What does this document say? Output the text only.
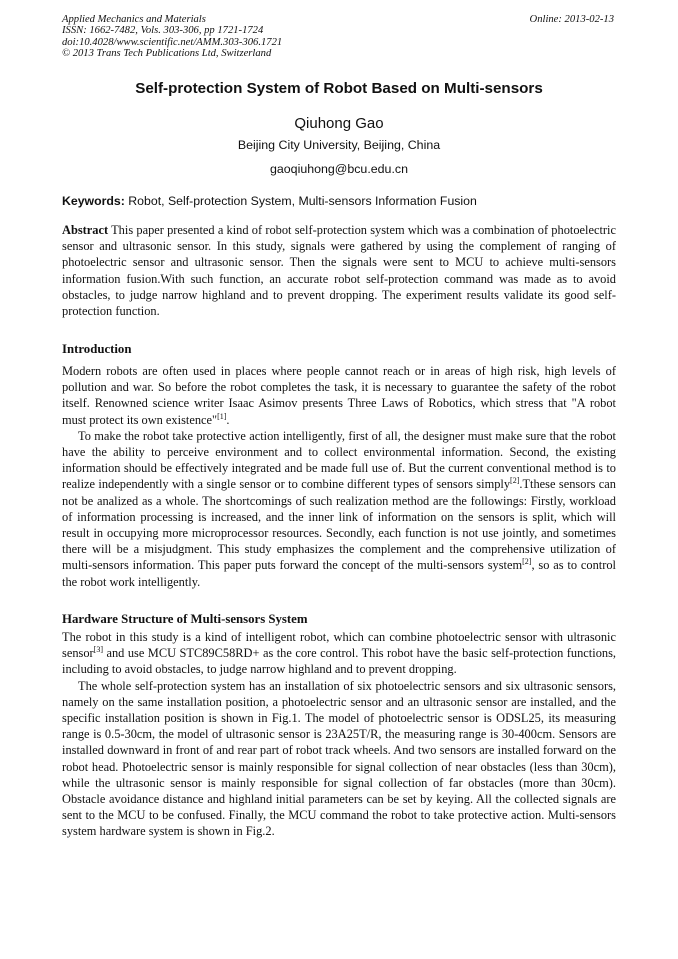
Applied Mechanics and Materials
ISSN: 1662-7482, Vols. 303-306, pp 1721-1724
doi:10.4028/www.scientific.net/AMM.303-306.1721
© 2013 Trans Tech Publications Ltd, Switzerland
Online: 2013-02-13
Self-protection System of Robot Based on Multi-sensors
Qiuhong Gao
Beijing City University, Beijing, China
gaoqiuhong@bcu.edu.cn
Keywords: Robot, Self-protection System, Multi-sensors Information Fusion

Abstract This paper presented a kind of robot self-protection system which was a combination of photoelectric sensor and ultrasonic sensor. In this study, signals were gathered by using the complement of ranging of photoelectric sensor and ultrasonic sensor. Then the signals were sent to MCU to achieve multi-sensors information fusion.With such function, an accurate robot self-protection command was made as to avoid obstacles, to judge narrow highland and to prevent dropping. The experiment results validate its good self-protection function.

Introduction

Modern robots are often used in places where people cannot reach or in areas of high risk, high levels of pollution and war. So before the robot completes the task, it is necessary to guarantee the safety of the robot itself. Renowned science writer Isaac Asimov presents Three Laws of Robotics, which stress that "A robot must protect its own existence"[1].

To make the robot take protective action intelligently, first of all, the designer must make sure that the robot have the ability to perceive environment and to collect environmental information. Second, the existing information should be effectively integrated and be made full use of. But the current conventional method is to realize independently with a single sensor or to combine different types of sensors simply[2].Tthese sensors can not be analized as a whole. The shortcomings of such realization method are the followings: Firstly, workload of information processing is increased, and the inner link of information on the sensors is split, which will result in occupying more microprocessor resources. Secondly, each function is not use jointly, and sometimes there will be a misjudgment. This study emphasizes the complement and the comprehensive utilization of multi-sensors information. This paper puts forward the concept of the multi-sensors system[2], so as to control the robot work intelligently.

Hardware Structure of Multi-sensors System

The robot in this study is a kind of intelligent robot, which can combine photoelectric sensor with ultrasonic sensor[3] and use MCU STC89C58RD+ as the core control. This robot have the basic self-protection functions, including to avoid obstacles, to judge narrow highland and to prevent dropping.

The whole self-protection system has an installation of six photoelectric sensors and six ultrasonic sensors, namely on the same installation position, a photoelectric sensor and an ultrasonic sensor are installed, and the specific installation position is shown in Fig.1. The model of photoelectric sensor is ODSL25, its measuring range is 0.5-30cm, the model of ultrasonic sensor is 23A25T/R, the measuring range is 30-400cm. Sensors are installed downward in front of and rear part of robot track wheels. And two sensors are installed forward on the robot head. Photoelectric sensor is mainly responsible for signal collection of near obstacles (less than 30cm), while the ultrasonic sensor is mainly responsible for signal collection of far obstacles (more than 30cm). Obstacle avoidance distance and highland initial parameters can be set by keying. All the collected signals are sent to the MCU to be confused. Finally, the MCU command the robot to take protective action. Multi-sensors system hardware system is shown in Fig.2.
